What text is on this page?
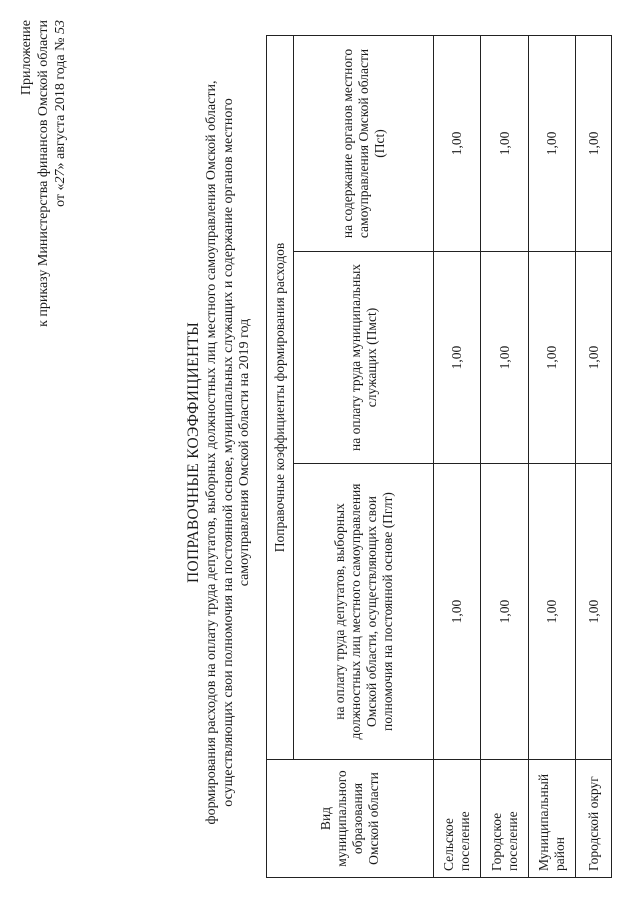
Приложение к приказу Министерства финансов Омской области от «27» августа 2018 года № 53
ПОПРАВОЧНЫЕ КОЭФФИЦИЕНТЫ формирования расходов на оплату труда депутатов, выборных должностных лиц местного самоуправления Омской области, осуществляющих свои полномочия на постоянной основе, муниципальных служащих и содержание органов местного самоуправления Омской области на 2019 год
Вид муниципального образования Омской области	Поправочные коэффициенты формирования расходов		
	на оплату труда депутатов, выборных должностных лиц местного самоуправления Омской области, осуществляющих свои полномочия на постоянной основе (Пглт)	на оплату труда муниципальных служащих (Пмсt)	на содержание органов местного самоуправления Омской области (Псt)
Сельское поселение	1,00	1,00	1,00
Городское поселение	1,00	1,00	1,00
Муниципальный район	1,00	1,00	1,00
Городской округ	1,00	1,00	1,00
